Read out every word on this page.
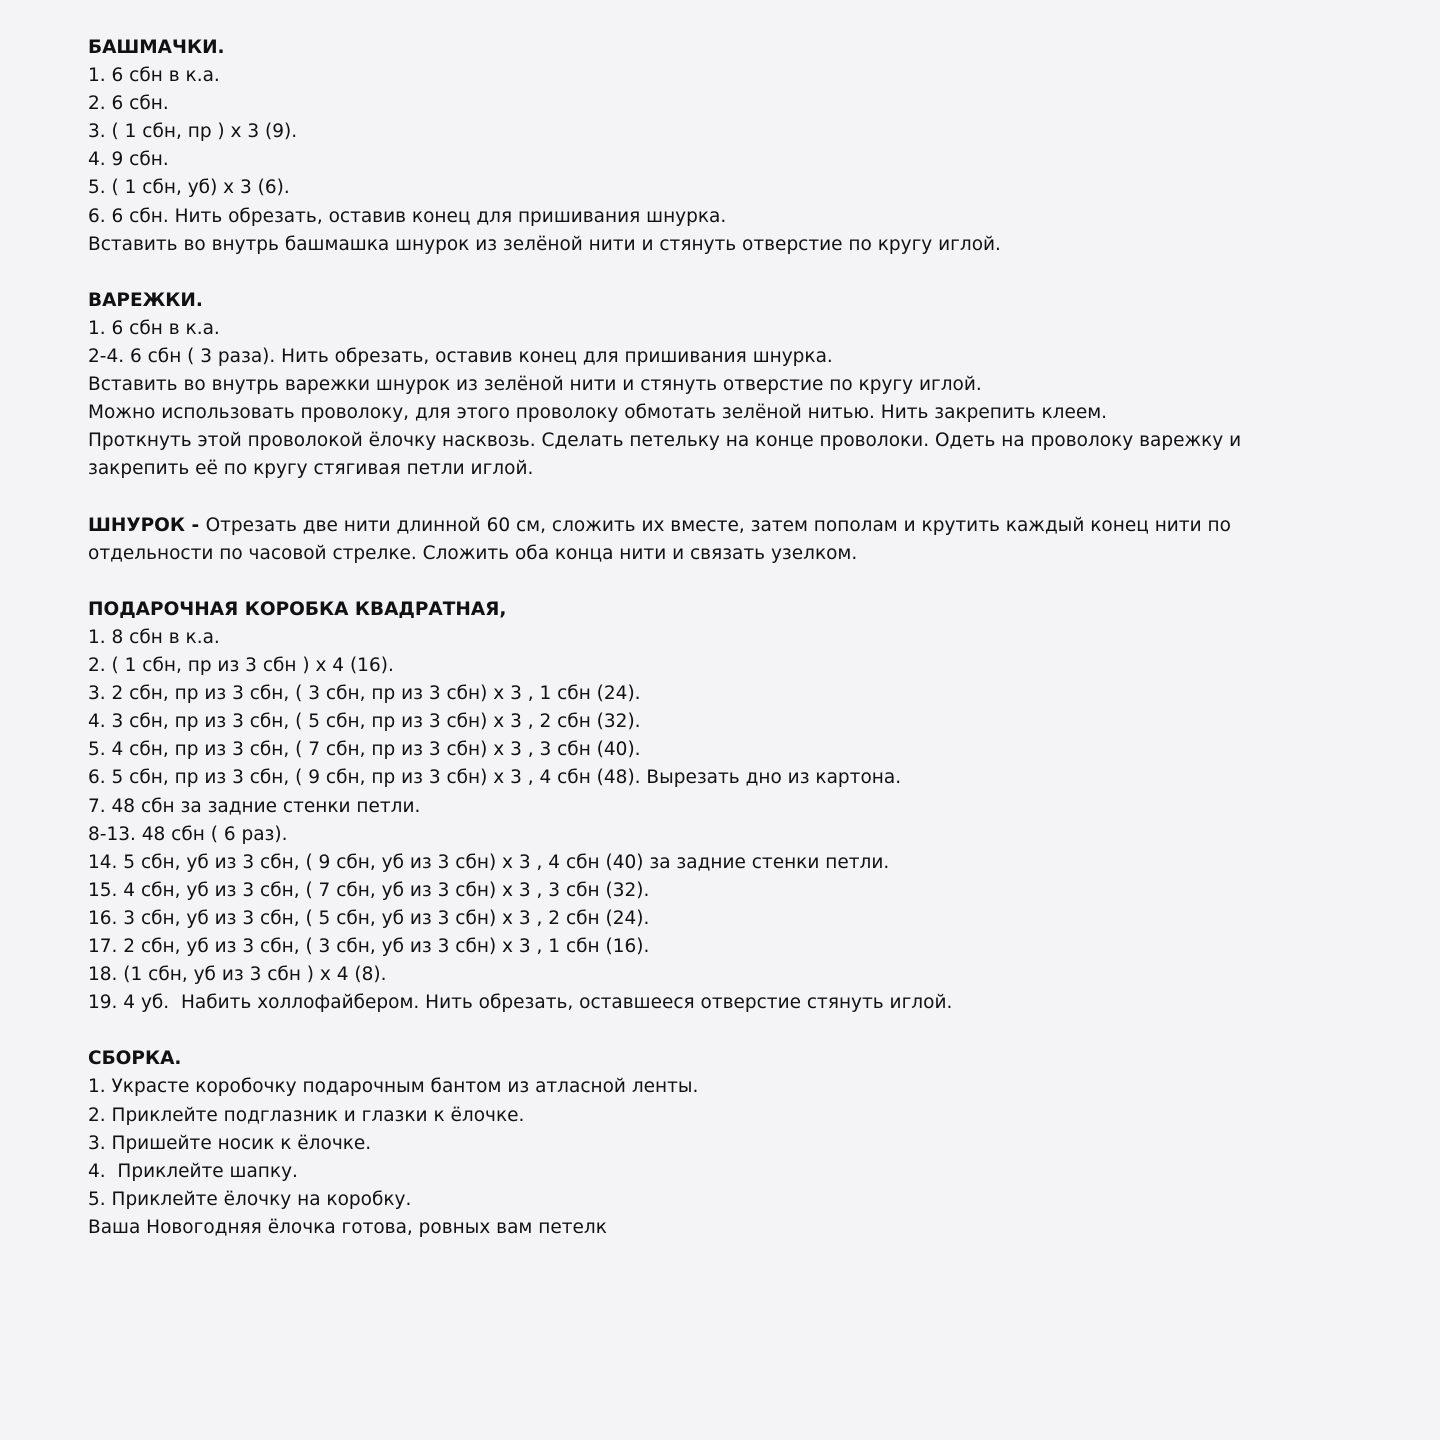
БАШМАЧКИ.
1. 6 сбн в к.а.
2. 6 сбн.
3. ( 1 сбн, пр ) х 3 (9).
4. 9 сбн.
5. ( 1 сбн, уб) х 3 (6).
6. 6 сбн. Нить обрезать, оставив конец для пришивания шнурка.
Вставить во внутрь башмашка шнурок из зелёной нити и стянуть отверстие по кругу иглой.
ВАРЕЖКИ.
1. 6 сбн в к.а.
2-4. 6 сбн ( 3 раза). Нить обрезать, оставив конец для пришивания шнурка.
Вставить во внутрь варежки шнурок из зелёной нити и стянуть отверстие по кругу иглой.
Можно использовать проволоку, для этого проволоку обмотать зелёной нитью. Нить закрепить клеем.
Проткнуть этой проволокой ёлочку насквозь. Сделать петельку на конце проволоки. Одеть на проволоку варежку и
закрепить её по кругу стягивая петли иглой.
ШНУРОК - Отрезать две нити длинной 60 см, сложить их вместе, затем пополам и крутить каждый конец нити по
отдельности по часовой стрелке. Сложить оба конца нити и связать узелком.
ПОДАРОЧНАЯ КОРОБКА КВАДРАТНАЯ,
1. 8 сбн в к.а.
2. ( 1 сбн, пр из 3 сбн ) х 4 (16).
3. 2 сбн, пр из 3 сбн, ( 3 сбн, пр из 3 сбн) х 3 , 1 сбн (24).
4. 3 сбн, пр из 3 сбн, ( 5 сбн, пр из 3 сбн) х 3 , 2 сбн (32).
5. 4 сбн, пр из 3 сбн, ( 7 сбн, пр из 3 сбн) х 3 , 3 сбн (40).
6. 5 сбн, пр из 3 сбн, ( 9 сбн, пр из 3 сбн) х 3 , 4 сбн (48). Вырезать дно из картона.
7. 48 сбн за задние стенки петли.
8-13. 48 сбн ( 6 раз).
14. 5 сбн, уб из 3 сбн, ( 9 сбн, уб из 3 сбн) х 3 , 4 сбн (40) за задние стенки петли.
15. 4 сбн, уб из 3 сбн, ( 7 сбн, уб из 3 сбн) х 3 , 3 сбн (32).
16. 3 сбн, уб из 3 сбн, ( 5 сбн, уб из 3 сбн) х 3 , 2 сбн (24).
17. 2 сбн, уб из 3 сбн, ( 3 сбн, уб из 3 сбн) х 3 , 1 сбн (16).
18. (1 сбн, уб из 3 сбн ) х 4 (8).
19. 4 уб.  Набить холлофайбером. Нить обрезать, оставшееся отверстие стянуть иглой.
СБОРКА.
1. Украсте коробочку подарочным бантом из атласной ленты.
2. Приклейте подглазник и глазки к ёлочке.
3. Пришейте носик к ёлочке.
4.  Приклейте шапку.
5. Приклейте ёлочку на коробку.
Ваша Новогодняя ёлочка готова, ровных вам петелк
